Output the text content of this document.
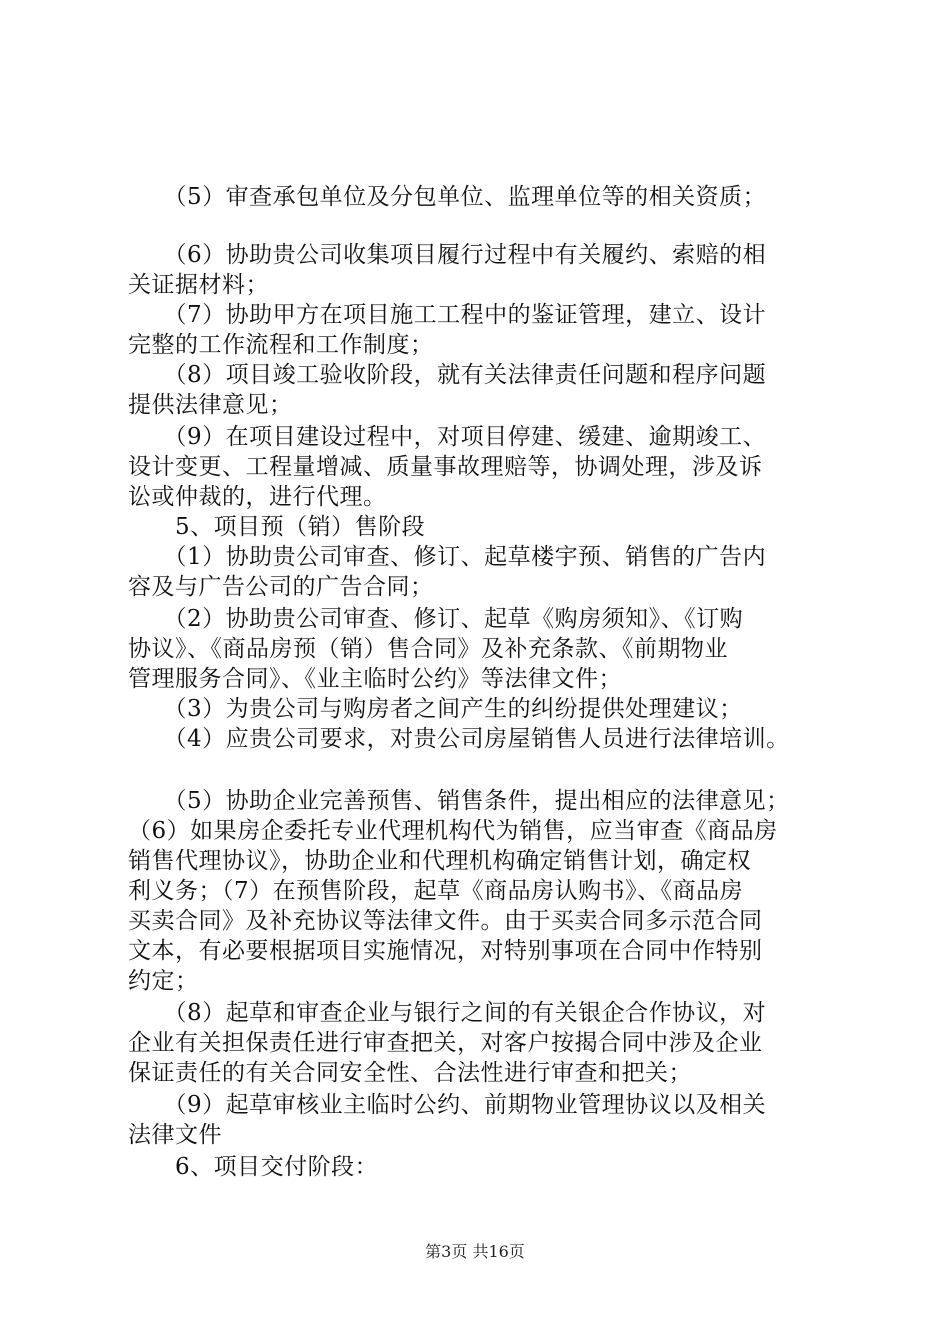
　　（5）审查承包单位及分包单位、监理单位等的相关资质；
　　（6）协助贵公司收集项目履行过程中有关履约、索赔的相
关证据材料；
　　（7）协助甲方在项目施工工程中的鉴证管理，建立、设计
完整的工作流程和工作制度；
　　（8）项目竣工验收阶段，就有关法律责任问题和程序问题
提供法律意见；
　　（9）在项目建设过程中，对项目停建、缓建、逾期竣工、
设计变更、工程量增减、质量事故理赔等，协调处理，涉及诉
讼或仲裁的，进行代理。
　　5、项目预（销）售阶段
　　（1）协助贵公司审查、修订、起草楼宇预、销售的广告内
容及与广告公司的广告合同；
　　（2）协助贵公司审查、修订、起草《购房须知》、《订购
协议》、《商品房预（销）售合同》及补充条款、《前期物业
管理服务合同》、《业主临时公约》等法律文件；
　　（3）为贵公司与购房者之间产生的纠纷提供处理建议；
　　（4）应贵公司要求，对贵公司房屋销售人员进行法律培训。
　　（5）协助企业完善预售、销售条件，提出相应的法律意见；
（6）如果房企委托专业代理机构代为销售，应当审查《商品房
销售代理协议》，协助企业和代理机构确定销售计划，确定权
利义务；（7）在预售阶段，起草《商品房认购书》、《商品房
买卖合同》及补充协议等法律文件。由于买卖合同多示范合同
文本，有必要根据项目实施情况，对特别事项在合同中作特别
约定；
　　（8）起草和审查企业与银行之间的有关银企合作协议，对
企业有关担保责任进行审查把关，对客户按揭合同中涉及企业
保证责任的有关合同安全性、合法性进行审查和把关；
　　（9）起草审核业主临时公约、前期物业管理协议以及相关
法律文件
　　6、项目交付阶段：
第3页 共16页
